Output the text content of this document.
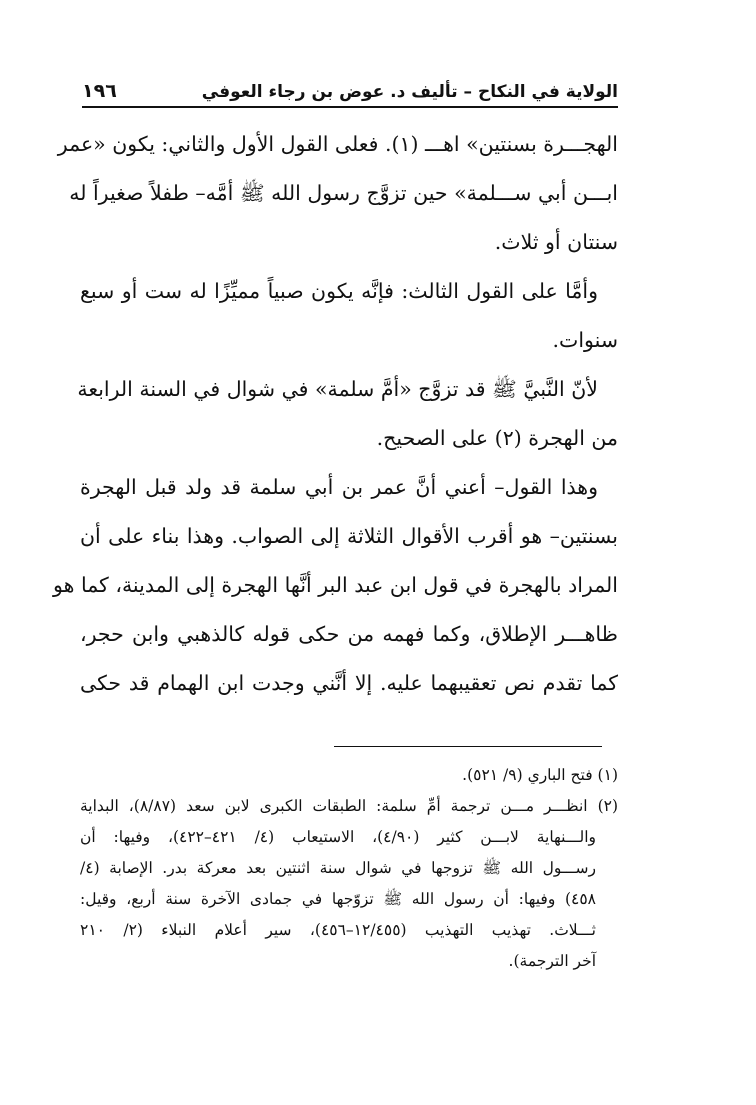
الولاية في النكاح – تأليف د. عوض بن رجاء العوفي
١٩٦
الهجـــرة بسنتين» اهـــ (١). فعلى القول الأول والثاني: يكون «عمر
ابـــن أبي ســـلمة» حين تزوَّج رسول الله ﷺ أمَّه– طفلاً صغيراً له
سنتان أو ثلاث.
وأمَّا على القول الثالث: فإنَّه يكون صبياً مميِّزًا له ست أو سبع
سنوات.
لأنّ النَّبيَّ ﷺ قد تزوَّج «أمَّ سلمة» في شوال في السنة الرابعة
من الهجرة (٢) على الصحيح.
وهذا القول– أعني أنَّ عمر بن أبي سلمة قد ولد قبل الهجرة
بسنتين– هو أقرب الأقوال الثلاثة إلى الصواب. وهذا بناء على أن
المراد بالهجرة في قول ابن عبد البر أنَّها الهجرة إلى المدينة، كما هو
ظاهـــر الإطلاق، وكما فهمه من حكى قوله كالذهبي وابن حجر،
كما تقدم نص تعقيبهما عليه. إلا أنَّني وجدت ابن الهمام قد حكى
(١) فتح الباري (٩/ ٥٢١).
(٢) انظـــر مـــن ترجمة أمِّ سلمة: الطبقات الكبرى لابن سعد (٨/٨٧)، البداية
والـــنهاية لابـــن كثير (٤/٩٠)، الاستيعاب (٤/ ٤٢١–٤٢٢)، وفيها: أن
رســـول الله ﷺ تزوجها في شوال سنة اثنتين بعد معركة بدر. الإصابة (٤/
٤٥٨) وفيها: أن رسول الله ﷺ تزوّجها في جمادى الآخرة سنة أربع، وقيل:
ثـــلاث. تهذيب التهذيب (١٢/٤٥٥–٤٥٦)، سير أعلام النبلاء (٢/ ٢١٠
آخر الترجمة).
